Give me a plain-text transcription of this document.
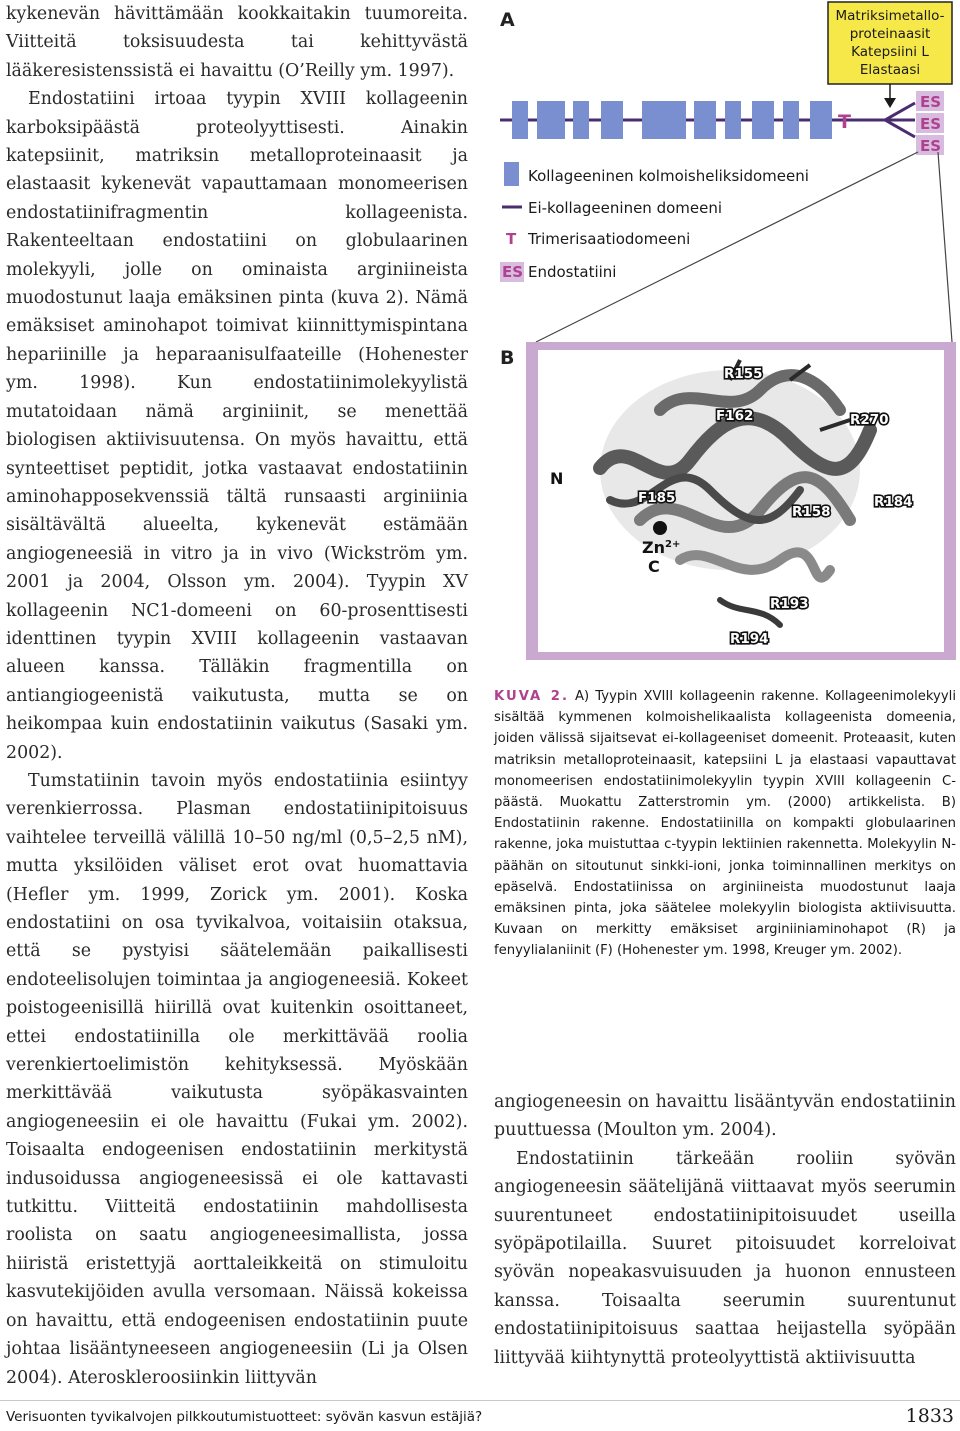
kykenevän hävittämään kookkaitakin tuumoreita. Viitteitä toksisuudesta tai kehittyvästä lääkeresistenssistä ei havaittu (O’Reilly ym. 1997).

Endostatiini irtoaa tyypin XVIII kollageenin karboksipäästä proteolyyttisesti. Ainakin katepsiinit, matriksin metalloproteinaasit ja elastaasit kykenevät vapauttamaan monomeerisen endostatiinifragmentin kollageenista. Rakenteeltaan endostatiini on globulaarinen molekyyli, jolle on ominaista arginiineista muodostunut laaja emäksinen pinta (kuva 2). Nämä emäksiset aminohapot toimivat kiinnittymispintana hepariinille ja heparaanisulfaateille (Hohenester ym. 1998). Kun endostatiinimolekyylistä mutatoidaan nämä arginiinit, se menettää biologisen aktiivisuutensa. On myös havaittu, että synteettiset peptidit, jotka vastaavat endostatiinin aminohapposekvenssiä tältä runsaasti arginiinia sisältävältä alueelta, kykenevät estämään angiogeneesiä in vitro ja in vivo (Wickström ym. 2001 ja 2004, Olsson ym. 2004). Tyypin XV kollageenin NC1-domeeni on 60-prosenttisesti identtinen tyypin XVIII kollageenin vastaavan alueen kanssa. Tälläkin fragmentilla on antiangiogeenistä vaikutusta, mutta se on heikompaa kuin endostatiinin vaikutus (Sasaki ym. 2002).

Tumstatiinin tavoin myös endostatiinia esiintyy verenkierrossa. Plasman endostatiinipitoisuus vaihtelee terveillä välillä 10–50 ng/ml (0,5–2,5 nM), mutta yksilöiden väliset erot ovat huomattavia (Hefler ym. 1999, Zorick ym. 2001). Koska endostatiini on osa tyvikalvoa, voitaisiin otaksua, että se pystyisi säätelemään paikallisesti endoteelisolujen toimintaa ja angiogeneesiä. Kokeet poistogeenisillä hiirillä ovat kuitenkin osoittaneet, ettei endostatiinilla ole merkittävää roolia verenkiertoelimistön kehityksessä. Myöskään merkittävää vaikutusta syöpäkasvainten angiogeneesiin ei ole havaittu (Fukai ym. 2002). Toisaalta endogeenisen endostatiinin merkitystä indusoidussa angiogeneesissä ei ole kattavasti tutkittu. Viitteitä endostatiinin mahdollisesta roolista on saatu angiogeneesimallista, jossa hiiristä eristettyjä aorttaleikkeitä on stimuloitu kasvutekijöiden avulla versomaan. Näissä kokeissa on havaittu, että endogeenisen endostatiinin puute johtaa lisääntyneeseen angiogeneesiin (Li ja Olsen 2004). Ateroskleroosiinkin liittyvän

A
T
ES
ES
ES
Matriksimetallo-
proteinaasit
Katepsiini L
Elastaasi
Kollageeninen kolmoisheliksidomeeni
Ei-kollageeninen domeeni
T Trimerisaatiodomeeni
ES Endostatiini
B
R155
F162	R270
F185
R158
R184
R193
R194
N
C
$Zn^{2+}$
KUVA 2. A) Tyypin XVIII kollageenin rakenne. Kollageenimolekyyli sisältää kymmenen kolmoishelikaalista kollageenista domeenia, joiden välissä sijaitsevat ei-kollageeniset domeenit. Proteaasit, kuten matriksin metalloproteinaasit, katepsiini L ja elastaasi vapauttavat monomeerisen endostatiinimolekyylin tyypin XVIII kollageenin C-päästä. Muokattu Zatterstromin ym. (2000) artikkelista. B) Endostatiinin rakenne. Endostatiinilla on kompakti globulaarinen rakenne, joka muistuttaa c-tyypin lektiinien rakennetta. Molekyylin N-päähän on sitoutunut sinkki-ioni, jonka toiminnallinen merkitys on epäselvä. Endostatiinissa on arginiineista muodostunut laaja emäksinen pinta, joka säätelee molekyylin biologista aktiivisuutta. Kuvaan on merkitty emäksiset arginiiniaminohapot (R) ja fenyylialaniinit (F) (Hohenester ym. 1998, Kreuger ym. 2002).

angiogeneesin on havaittu lisääntyvän endostatiinin puuttuessa (Moulton ym. 2004).

Endostatiinin tärkeään rooliin syövän angiogeneesin säätelijänä viittaavat myös seerumin suurentuneet endostatiinipitoisuudet useilla syöpäpotilailla. Suuret pitoisuudet korreloivat syövän nopeakasvuisuuden ja huonon ennusteen kanssa. Toisaalta seerumin suurentunut endostatiinipitoisuus saattaa heijastella syöpään liittyvää kiihtynyttä proteolyyttistä aktiivisuutta

Verisuonten tyvikalvojen pilkkoutumistuotteet: syövän kasvun estäjiä?	1833
